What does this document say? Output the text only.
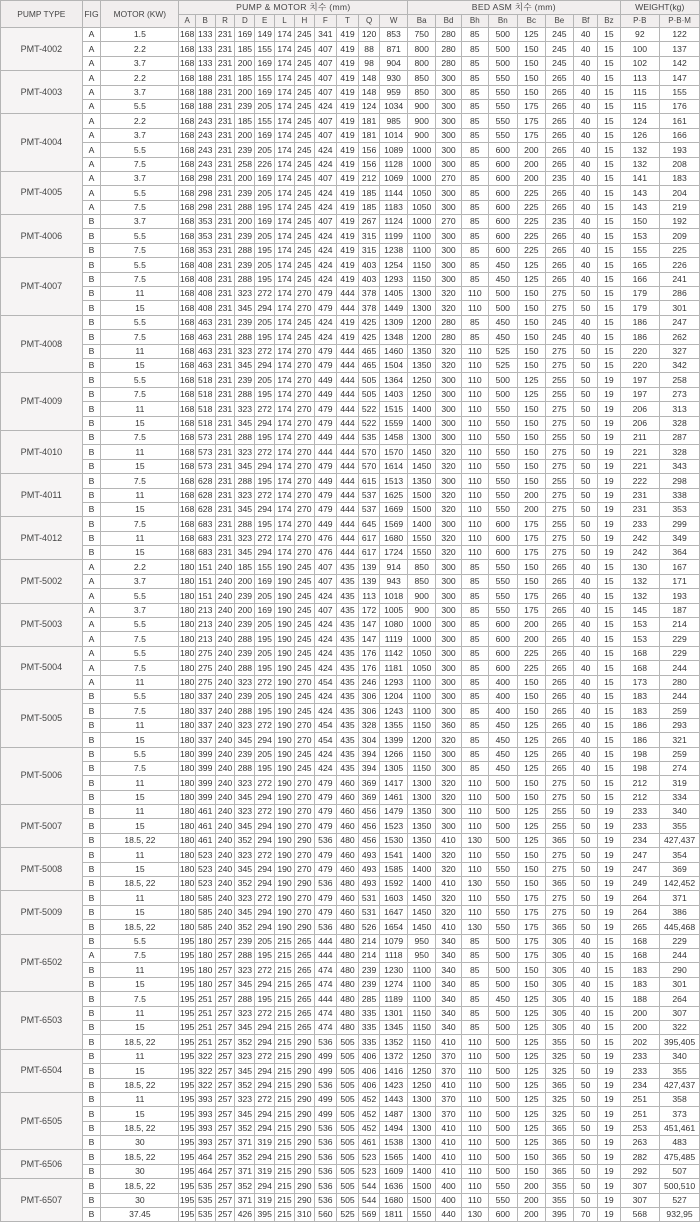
PUMP TYPE	FIG	MOTOR (KW)	PUMP & MOTOR 치수 (mm)											BED ASM 치수 (mm)								WEIGHT(kg)	
			A	B	R	D	E	L	H	F	T	Q	W	Ba	Bd	Bh	Bn	Bc	Be	Bf	Bz	P·B	P·B·M
PMT-4002	A	1.5	168	133	231	169	149	174	245	341	419	120	853	750	280	85	500	125	245	40	15	92	122
	A	2.2	168	133	231	185	155	174	245	407	419	88	871	800	280	85	500	150	245	40	15	100	137
	A	3.7	168	133	231	200	169	174	245	407	419	98	904	800	280	85	500	150	245	40	15	102	142
PMT-4003	A	2.2	168	188	231	185	155	174	245	407	419	148	930	850	300	85	550	150	265	40	15	113	147
	A	3.7	168	188	231	200	169	174	245	407	419	148	959	850	300	85	550	150	265	40	15	115	155
	A	5.5	168	188	231	239	205	174	245	424	419	124	1034	900	300	85	550	175	265	40	15	115	176
PMT-4004	A	2.2	168	243	231	185	155	174	245	407	419	181	985	900	300	85	550	175	265	40	15	124	161
	A	3.7	168	243	231	200	169	174	245	407	419	181	1014	900	300	85	550	175	265	40	15	126	166
	A	5.5	168	243	231	239	205	174	245	424	419	156	1089	1000	300	85	600	200	265	40	15	132	193
	A	7.5	168	243	231	258	226	174	245	424	419	156	1128	1000	300	85	600	200	265	40	15	132	208
PMT-4005	A	3.7	168	298	231	200	169	174	245	407	419	212	1069	1000	270	85	600	200	235	40	15	141	183
	A	5.5	168	298	231	239	205	174	245	424	419	185	1144	1050	300	85	600	225	265	40	15	143	204
	A	7.5	168	298	231	288	195	174	245	424	419	185	1183	1050	300	85	600	225	265	40	15	143	219
PMT-4006	B	3.7	168	353	231	200	169	174	245	407	419	267	1124	1000	270	85	600	225	235	40	15	150	192
	B	5.5	168	353	231	239	205	174	245	424	419	315	1199	1100	300	85	600	225	265	40	15	153	209
	B	7.5	168	353	231	288	195	174	245	424	419	315	1238	1100	300	85	600	225	265	40	15	155	225
PMT-4007	B	5.5	168	408	231	239	205	174	245	424	419	403	1254	1150	300	85	450	125	265	40	15	165	226
	B	7.5	168	408	231	288	195	174	245	424	419	403	1293	1150	300	85	450	125	265	40	15	166	241
	B	11	168	408	231	323	272	174	270	479	444	378	1405	1300	320	110	500	150	275	50	15	179	286
	B	15	168	408	231	345	294	174	270	479	444	378	1449	1300	320	110	500	150	275	50	15	179	301
PMT-4008	B	5.5	168	463	231	239	205	174	245	424	419	425	1309	1200	280	85	450	150	245	40	15	186	247
	B	7.5	168	463	231	288	195	174	245	424	419	425	1348	1200	280	85	450	150	245	40	15	186	262
	B	11	168	463	231	323	272	174	270	479	444	465	1460	1350	320	110	525	150	275	50	15	220	327
	B	15	168	463	231	345	294	174	270	479	444	465	1504	1350	320	110	525	150	275	50	15	220	342
PMT-4009	B	5.5	168	518	231	239	205	174	270	449	444	505	1364	1250	300	110	500	125	255	50	19	197	258
	B	7.5	168	518	231	288	195	174	270	449	444	505	1403	1250	300	110	500	125	255	50	19	197	273
	B	11	168	518	231	323	272	174	270	479	444	522	1515	1400	300	110	550	150	275	50	19	206	313
	B	15	168	518	231	345	294	174	270	479	444	522	1559	1400	300	110	550	150	275	50	19	206	328
PMT-4010	B	7.5	168	573	231	288	195	174	270	449	444	535	1458	1300	300	110	550	150	255	50	19	211	287
	B	11	168	573	231	323	272	174	270	444	444	570	1570	1450	320	110	550	150	275	50	19	221	328
	B	15	168	573	231	345	294	174	270	479	444	570	1614	1450	320	110	550	150	275	50	19	221	343
PMT-4011	B	7.5	168	628	231	288	195	174	270	449	444	615	1513	1350	300	110	550	150	255	50	19	222	298
	B	11	168	628	231	323	272	174	270	479	444	537	1625	1500	320	110	550	200	275	50	19	231	338
	B	15	168	628	231	345	294	174	270	479	444	537	1669	1500	320	110	550	200	275	50	19	231	353
PMT-4012	B	7.5	168	683	231	288	195	174	270	449	444	645	1569	1400	300	110	600	175	255	50	19	233	299
	B	11	168	683	231	323	272	174	270	476	444	617	1680	1550	320	110	600	175	275	50	19	242	349
	B	15	168	683	231	345	294	174	270	476	444	617	1724	1550	320	110	600	175	275	50	19	242	364
PMT-5002	A	2.2	180	151	240	185	155	190	245	407	435	139	914	850	300	85	550	150	265	40	15	130	167
	A	3.7	180	151	240	200	169	190	245	407	435	139	943	850	300	85	550	150	265	40	15	132	171
	A	5.5	180	151	240	239	205	190	245	424	435	113	1018	900	300	85	550	175	265	40	15	132	193
PMT-5003	A	3.7	180	213	240	200	169	190	245	407	435	172	1005	900	300	85	550	175	265	40	15	145	187
	A	5.5	180	213	240	239	205	190	245	424	435	147	1080	1000	300	85	600	200	265	40	15	153	214
	A	7.5	180	213	240	288	195	190	245	424	435	147	1119	1000	300	85	600	200	265	40	15	153	229
PMT-5004	A	5.5	180	275	240	239	205	190	245	424	435	176	1142	1050	300	85	600	225	265	40	15	168	229
	A	7.5	180	275	240	288	195	190	245	424	435	176	1181	1050	300	85	600	225	265	40	15	168	244
	A	11	180	275	240	323	272	190	270	454	435	246	1293	1100	300	85	400	150	265	40	15	173	280
PMT-5005	B	5.5	180	337	240	239	205	190	245	424	435	306	1204	1100	300	85	400	150	265	40	15	183	244
	B	7.5	180	337	240	288	195	190	245	424	435	306	1243	1100	300	85	400	150	265	40	15	183	259
	B	11	180	337	240	323	272	190	270	454	435	328	1355	1150	360	85	450	125	265	40	15	186	293
	B	15	180	337	240	345	294	190	270	454	435	304	1399	1200	320	85	450	125	265	40	15	186	321
PMT-5006	B	5.5	180	399	240	239	205	190	245	424	435	394	1266	1150	300	85	450	125	265	40	15	198	259
	B	7.5	180	399	240	288	195	190	245	424	435	394	1305	1150	300	85	450	125	265	40	15	198	274
	B	11	180	399	240	323	272	190	270	479	460	369	1417	1300	320	110	500	150	275	50	15	212	319
	B	15	180	399	240	345	294	190	270	479	460	369	1461	1300	320	110	500	150	275	50	15	212	334
PMT-5007	B	11	180	461	240	323	272	190	270	479	460	456	1479	1350	300	110	500	125	255	50	19	233	340
	B	15	180	461	240	345	294	190	270	479	460	456	1523	1350	300	110	500	125	255	50	19	233	355
	B	18.5, 22	180	461	240	352	294	190	290	536	480	456	1530	1350	410	130	500	125	365	50	19	234	427,437
PMT-5008	B	11	180	523	240	323	272	190	270	479	460	493	1541	1400	320	110	550	150	275	50	19	247	354
	B	15	180	523	240	345	294	190	270	479	460	493	1585	1400	320	110	550	150	275	50	19	247	369
	B	18.5, 22	180	523	240	352	294	190	290	536	480	493	1592	1400	410	130	550	150	365	50	19	249	142,452
PMT-5009	B	11	180	585	240	323	272	190	270	479	460	531	1603	1450	320	110	550	175	275	50	19	264	371
	B	15	180	585	240	345	294	190	270	479	460	531	1647	1450	320	110	550	175	275	50	19	264	386
	B	18.5, 22	180	585	240	352	294	190	290	536	480	526	1654	1450	410	130	550	175	365	50	19	265	445,468
PMT-6502	B	5.5	195	180	257	239	205	215	265	444	480	214	1079	950	340	85	500	175	305	40	15	168	229
	A	7.5	195	180	257	288	195	215	265	444	480	214	1118	950	340	85	500	175	305	40	15	168	244
	B	11	195	180	257	323	272	215	265	474	480	239	1230	1100	340	85	500	150	305	40	15	183	290
	B	15	195	180	257	345	294	215	265	474	480	239	1274	1100	340	85	500	150	305	40	15	183	301
PMT-6503	B	7.5	195	251	257	288	195	215	265	444	480	285	1189	1100	340	85	450	125	305	40	15	188	264
	B	11	195	251	257	323	272	215	265	474	480	335	1301	1150	340	85	500	125	305	40	15	200	307
	B	15	195	251	257	345	294	215	265	474	480	335	1345	1150	340	85	500	125	305	40	15	200	322
	B	18.5, 22	195	251	257	352	294	215	290	536	505	335	1352	1150	410	110	500	125	355	50	15	202	395,405
PMT-6504	B	11	195	322	257	323	272	215	290	499	505	406	1372	1250	370	110	500	125	325	50	19	233	340
	B	15	195	322	257	345	294	215	290	499	505	406	1416	1250	370	110	500	125	325	50	19	233	355
	B	18.5, 22	195	322	257	352	294	215	290	536	505	406	1423	1250	410	110	500	125	365	50	19	234	427,437
PMT-6505	B	11	195	393	257	323	272	215	290	499	505	452	1443	1300	370	110	500	125	325	50	19	251	358
	B	15	195	393	257	345	294	215	290	499	505	452	1487	1300	370	110	500	125	325	50	19	251	373
	B	18.5, 22	195	393	257	352	294	215	290	536	505	452	1494	1300	410	110	500	125	365	50	19	253	451,461
	B	30	195	393	257	371	319	215	290	536	505	461	1538	1300	410	110	500	125	365	50	19	263	483
PMT-6506	B	18.5, 22	195	464	257	352	294	215	290	536	505	523	1565	1400	410	110	500	150	365	50	19	282	475,485
	B	30	195	464	257	371	319	215	290	536	505	523	1609	1400	410	110	500	150	365	50	19	292	507
PMT-6507	B	18.5, 22	195	535	257	352	294	215	290	536	505	544	1636	1500	400	110	550	200	355	50	19	307	500,510
	B	30	195	535	257	371	319	215	290	536	505	544	1680	1500	400	110	550	200	355	50	19	307	527
	B	37.45	195	535	257	426	395	215	310	560	525	569	1811	1550	440	130	600	200	395	70	19	568	932,95
